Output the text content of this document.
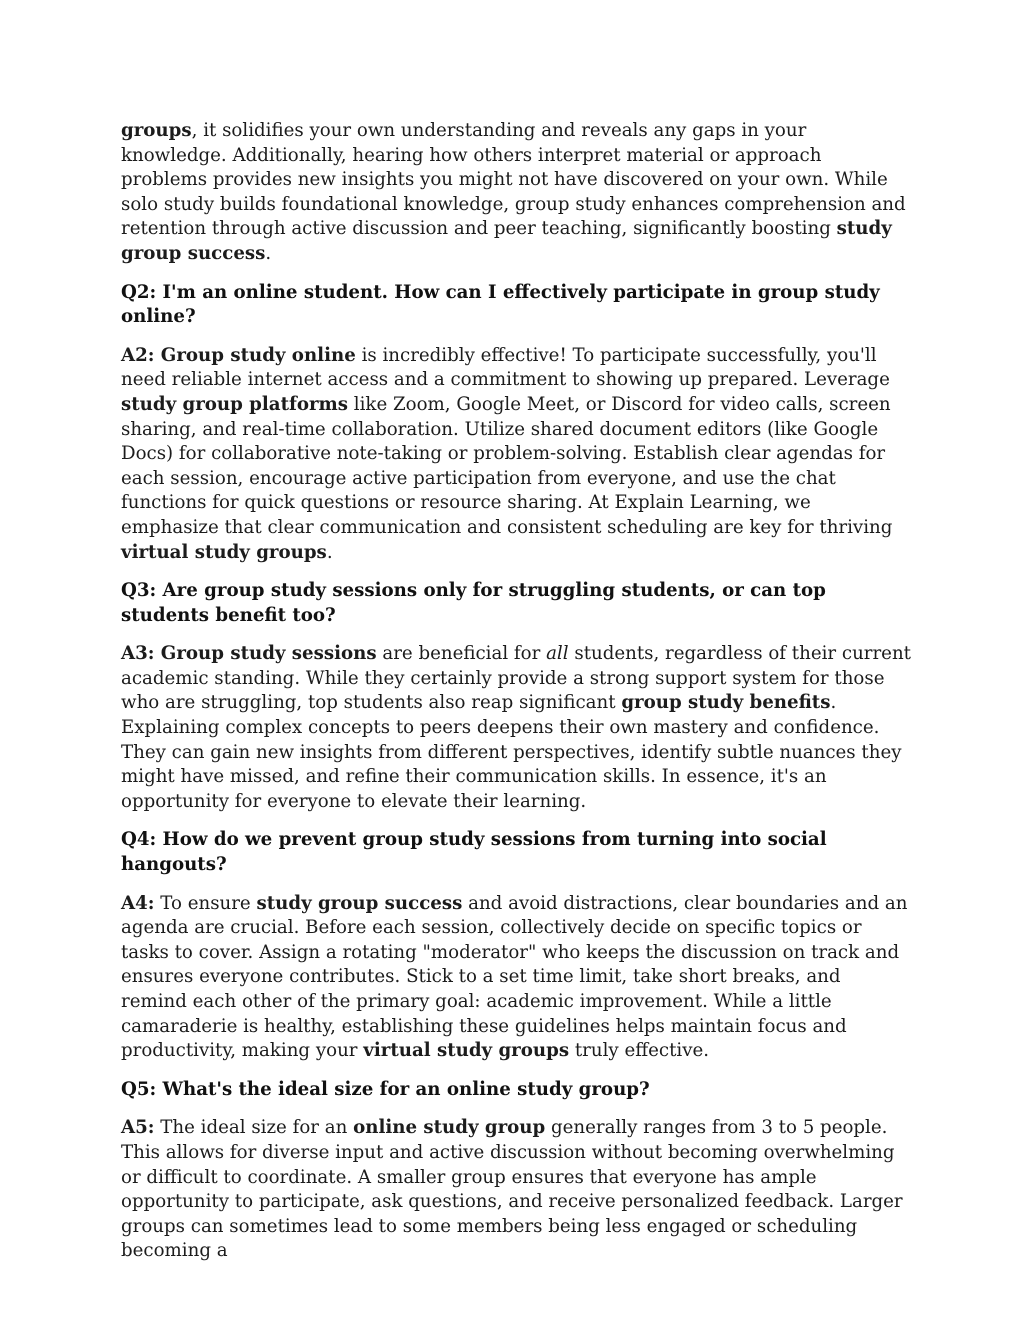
groups, it solidifies your own understanding and reveals any gaps in your knowledge. Additionally, hearing how others interpret material or approach problems provides new insights you might not have discovered on your own. While solo study builds foundational knowledge, group study enhances comprehension and retention through active discussion and peer teaching, significantly boosting study group success.

Q2: I'm an online student. How can I effectively participate in group study online?

A2: Group study online is incredibly effective! To participate successfully, you'll need reliable internet access and a commitment to showing up prepared. Leverage study group platforms like Zoom, Google Meet, or Discord for video calls, screen sharing, and real-time collaboration. Utilize shared document editors (like Google Docs) for collaborative note-taking or problem-solving. Establish clear agendas for each session, encourage active participation from everyone, and use the chat functions for quick questions or resource sharing. At Explain Learning, we emphasize that clear communication and consistent scheduling are key for thriving virtual study groups.

Q3: Are group study sessions only for struggling students, or can top students benefit too?

A3: Group study sessions are beneficial for all students, regardless of their current academic standing. While they certainly provide a strong support system for those who are struggling, top students also reap significant group study benefits. Explaining complex concepts to peers deepens their own mastery and confidence. They can gain new insights from different perspectives, identify subtle nuances they might have missed, and refine their communication skills. In essence, it's an opportunity for everyone to elevate their learning.

Q4: How do we prevent group study sessions from turning into social hangouts?

A4: To ensure study group success and avoid distractions, clear boundaries and an agenda are crucial. Before each session, collectively decide on specific topics or tasks to cover. Assign a rotating "moderator" who keeps the discussion on track and ensures everyone contributes. Stick to a set time limit, take short breaks, and remind each other of the primary goal: academic improvement. While a little camaraderie is healthy, establishing these guidelines helps maintain focus and productivity, making your virtual study groups truly effective.

Q5: What's the ideal size for an online study group?

A5: The ideal size for an online study group generally ranges from 3 to 5 people. This allows for diverse input and active discussion without becoming overwhelming or difficult to coordinate. A smaller group ensures that everyone has ample opportunity to participate, ask questions, and receive personalized feedback. Larger groups can sometimes lead to some members being less engaged or scheduling becoming a
